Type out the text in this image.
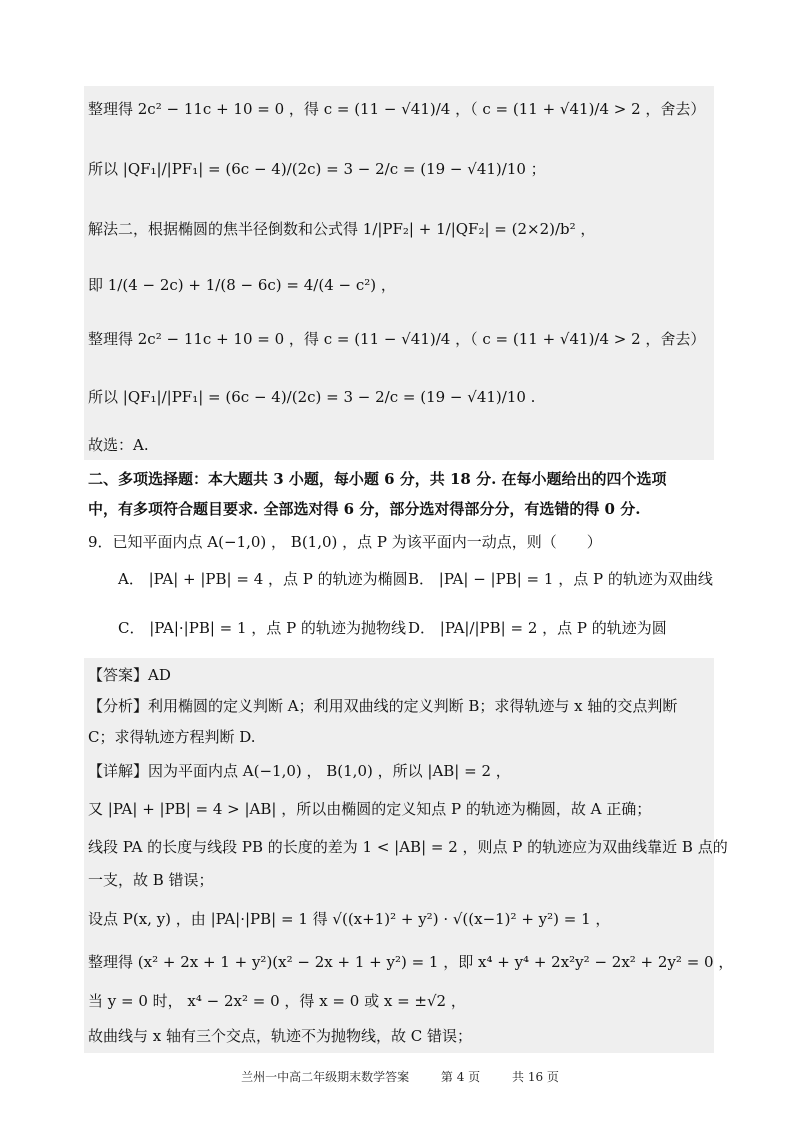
整理得 2c² − 11c + 10 = 0 ，得 c = (11 − √41)/4 ，（ c = (11 + √41)/4 > 2 ，舍去）
所以 |QF₁|/|PF₁| = (6c − 4)/(2c) = 3 − 2/c = (19 − √41)/10 ；
解法二，根据椭圆的焦半径倒数和公式得 1/|PF₂| + 1/|QF₂| = (2×2)/b² ，
即 1/(4 − 2c) + 1/(8 − 6c) = 4/(4 − c²) ，
整理得 2c² − 11c + 10 = 0 ，得 c = (11 − √41)/4 ，（ c = (11 + √41)/4 > 2 ，舍去）
所以 |QF₁|/|PF₁| = (6c − 4)/(2c) = 3 − 2/c = (19 − √41)/10 .
故选：A.
二、多项选择题：本大题共 3 小题，每小题 6 分，共 18 分. 在每小题给出的四个选项
中，有多项符合题目要求. 全部选对得 6 分，部分选对得部分分，有选错的得 0 分.
9．已知平面内点 A(−1,0) ， B(1,0) ，点 P 为该平面内一动点，则（　　）
A． |PA| + |PB| = 4 ，点 P 的轨迹为椭圆 B． |PA| − |PB| = 1 ，点 P 的轨迹为双曲线
C． |PA|·|PB| = 1 ，点 P 的轨迹为抛物线 D． |PA|/|PB| = 2 ，点 P 的轨迹为圆
【答案】AD
【分析】利用椭圆的定义判断 A；利用双曲线的定义判断 B；求得轨迹与 x 轴的交点判断
C；求得轨迹方程判断 D.
【详解】因为平面内点 A(−1,0) ， B(1,0) ，所以 |AB| = 2 ，
又 |PA| + |PB| = 4 > |AB| ，所以由椭圆的定义知点 P 的轨迹为椭圆，故 A 正确；
线段 PA 的长度与线段 PB 的长度的差为 1 < |AB| = 2 ，则点 P 的轨迹应为双曲线靠近 B 点的
一支，故 B 错误；
设点 P(x, y) ，由 |PA|·|PB| = 1 得 √((x+1)² + y²) · √((x−1)² + y²) = 1 ，
整理得 (x² + 2x + 1 + y²)(x² − 2x + 1 + y²) = 1 ，即 x⁴ + y⁴ + 2x²y² − 2x² + 2y² = 0 ，
当 y = 0 时， x⁴ − 2x² = 0 ，得 x = 0 或 x = ±√2 ，
故曲线与 x 轴有三个交点，轨迹不为抛物线，故 C 错误；
兰州一中高二年级期末数学答案	第 4 页	共 16 页
